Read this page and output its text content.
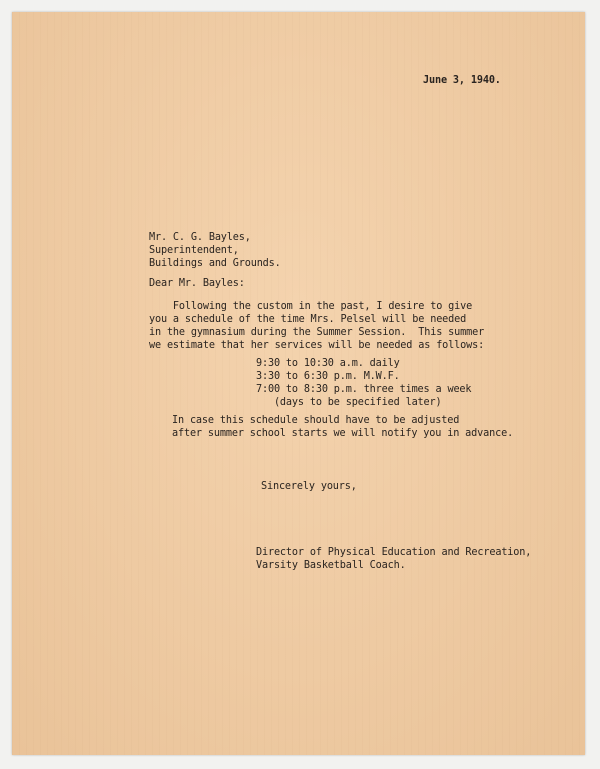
June 3, 1940.
Mr. C. G. Bayles,
Superintendent,
Buildings and Grounds.
Dear Mr. Bayles:
Following the custom in the past, I desire to give
you a schedule of the time Mrs. Pelsel will be needed
in the gymnasium during the Summer Session.  This summer
we estimate that her services will be needed as follows:
9:30 to 10:30 a.m. daily
3:30 to 6:30 p.m. M.W.F.
7:00 to 8:30 p.m. three times a week
(days to be specified later)
In case this schedule should have to be adjusted
after summer school starts we will notify you in advance.
Sincerely yours,
Director of Physical Education and Recreation,
Varsity Basketball Coach.
